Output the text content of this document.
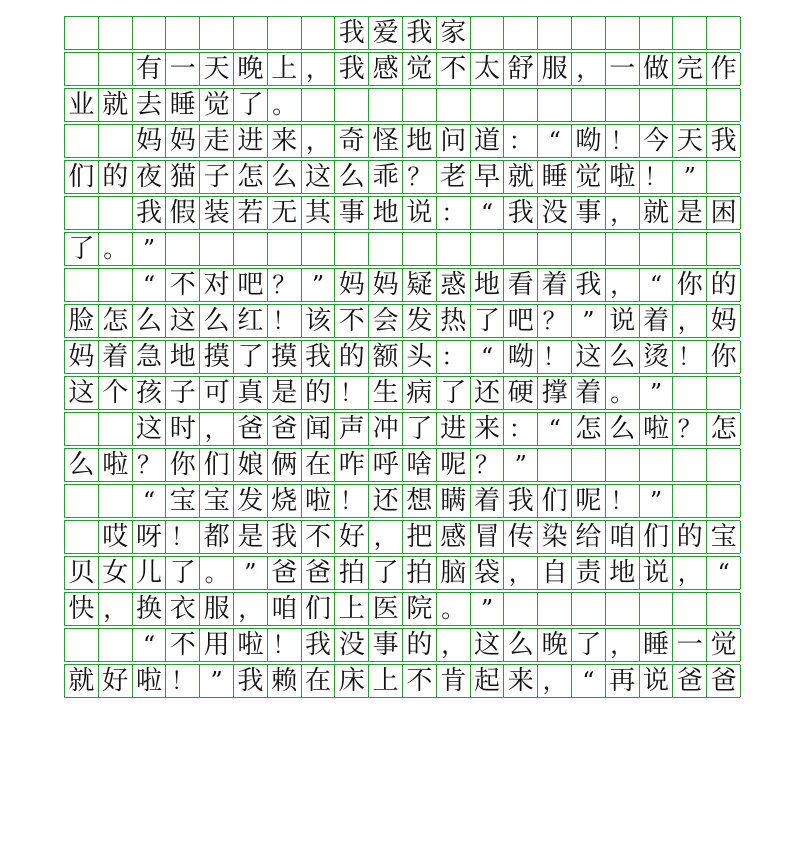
我 爱 我 家
有 一 天 晚 上 ， 我 感 觉 不 太 舒 服 ， 一 做 完 作
业 就 去 睡 觉 了 。
妈 妈 走 进 来 ， 奇 怪 地 问 道 ： “ 呦 ！ 今 天 我
们 的 夜 猫 子 怎 么 这 么 乖 ？ 老 早 就 睡 觉 啦 ！ ”
我 假 装 若 无 其 事 地 说 ： “ 我 没 事 ， 就 是 困
了 。 ”
“ 不 对 吧 ？ ” 妈 妈 疑 惑 地 看 着 我 ， “ 你 的
脸 怎 么 这 么 红 ！ 该 不 会 发 热 了 吧 ？ ” 说 着 ， 妈
妈 着 急 地 摸 了 摸 我 的 额 头 ： “ 呦 ！ 这 么 烫 ！ 你
这 个 孩 子 可 真 是 的 ！ 生 病 了 还 硬 撑 着 。 ”
这 时 ， 爸 爸 闻 声 冲 了 进 来 ： “ 怎 么 啦 ？ 怎
么 啦 ？ 你 们 娘 俩 在 咋 呼 啥 呢 ？ ”
“ 宝 宝 发 烧 啦 ！ 还 想 瞒 着 我 们 呢 ！ ”
哎 呀 ！ 都 是 我 不 好 ， 把 感 冒 传 染 给 咱 们 的 宝
贝 女 儿 了 。 ” 爸 爸 拍 了 拍 脑 袋 ， 自 责 地 说 ， “
快 ， 换 衣 服 ， 咱 们 上 医 院 。 ”
“ 不 用 啦 ！ 我 没 事 的 ， 这 么 晚 了 ， 睡 一 觉
就 好 啦 ！ ” 我 赖 在 床 上 不 肯 起 来 ， “ 再 说 爸 爸
